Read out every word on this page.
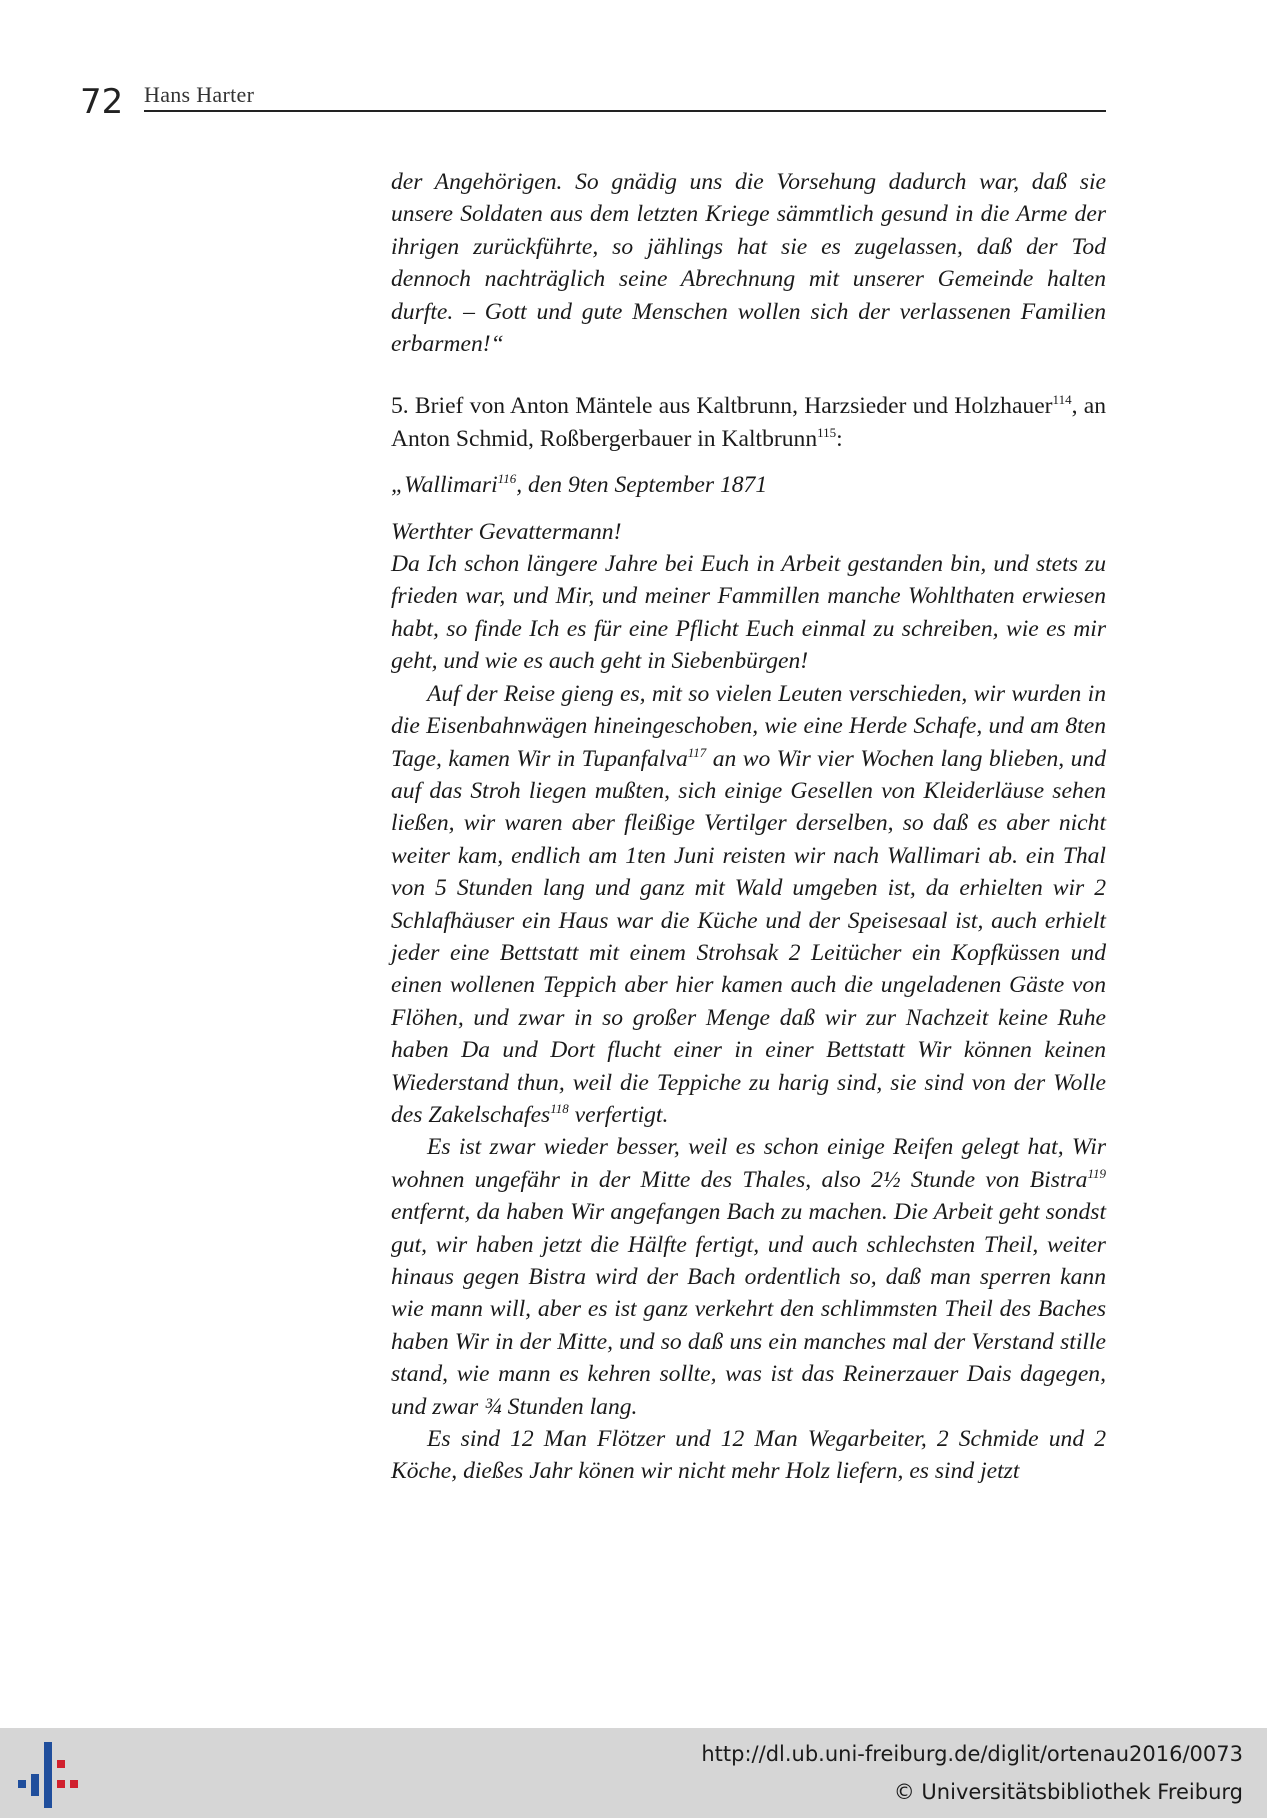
72 Hans Harter

der Angehörigen. So gnädig uns die Vorsehung dadurch war, daß sie unsere Soldaten aus dem letzten Kriege sämmtlich gesund in die Arme der ihrigen zurückführte, so jählings hat sie es zugelassen, daß der Tod dennoch nachträglich seine Abrechnung mit unserer Gemeinde halten durfte. – Gott und gute Menschen wollen sich der verlassenen Familien erbarmen!“

5. Brief von Anton Mäntele aus Kaltbrunn, Harzsieder und Holzhauer$^{114}$, an Anton Schmid, Roßbergerbauer in Kaltbrunn$^{115}$:

„Wallimari$^{116}$, den 9ten September 1871

Werthter Gevattermann!

Da Ich schon längere Jahre bei Euch in Arbeit gestanden bin, und stets zu frieden war, und Mir, und meiner Fammillen manche Wohlthaten erwiesen habt, so finde Ich es für eine Pflicht Euch einmal zu schreiben, wie es mir geht, und wie es auch geht in Siebenbürgen!

Auf der Reise gieng es, mit so vielen Leuten verschieden, wir wurden in die Eisenbahnwägen hineingeschoben, wie eine Herde Schafe, und am 8ten Tage, kamen Wir in Tupanfalva$^{117}$ an wo Wir vier Wochen lang blieben, und auf das Stroh liegen mußten, sich einige Gesellen von Kleiderläuse sehen ließen, wir waren aber fleißige Vertilger derselben, so daß es aber nicht weiter kam, endlich am 1ten Juni reisten wir nach Wallimari ab. ein Thal von 5 Stunden lang und ganz mit Wald umgeben ist, da erhielten wir 2 Schlafhäuser ein Haus war die Küche und der Speisesaal ist, auch erhielt jeder eine Bettstatt mit einem Strohsak 2 Leitücher ein Kopfküssen und einen wollenen Teppich aber hier kamen auch die ungeladenen Gäste von Flöhen, und zwar in so großer Menge daß wir zur Nachzeit keine Ruhe haben Da und Dort flucht einer in einer Bettstatt Wir können keinen Wiederstand thun, weil die Teppiche zu harig sind, sie sind von der Wolle des Zakelschafes$^{118}$ verfertigt.

Es ist zwar wieder besser, weil es schon einige Reifen gelegt hat, Wir wohnen ungefähr in der Mitte des Thales, also 2½ Stunde von Bistra$^{119}$ entfernt, da haben Wir angefangen Bach zu machen. Die Arbeit geht sondst gut, wir haben jetzt die Hälfte fertigt, und auch schlechsten Theil, weiter hinaus gegen Bistra wird der Bach ordentlich so, daß man sperren kann wie mann will, aber es ist ganz verkehrt den schlimmsten Theil des Baches haben Wir in der Mitte, und so daß uns ein manches mal der Verstand stille stand, wie mann es kehren sollte, was ist das Reinerzauer Dais dagegen, und zwar ¾ Stunden lang.

Es sind 12 Man Flötzer und 12 Man Wegarbeiter, 2 Schmide und 2 Köche, dießes Jahr könen wir nicht mehr Holz liefern, es sind jetzt

http://dl.ub.uni-freiburg.de/diglit/ortenau2016/0073
© Universitätsbibliothek Freiburg
